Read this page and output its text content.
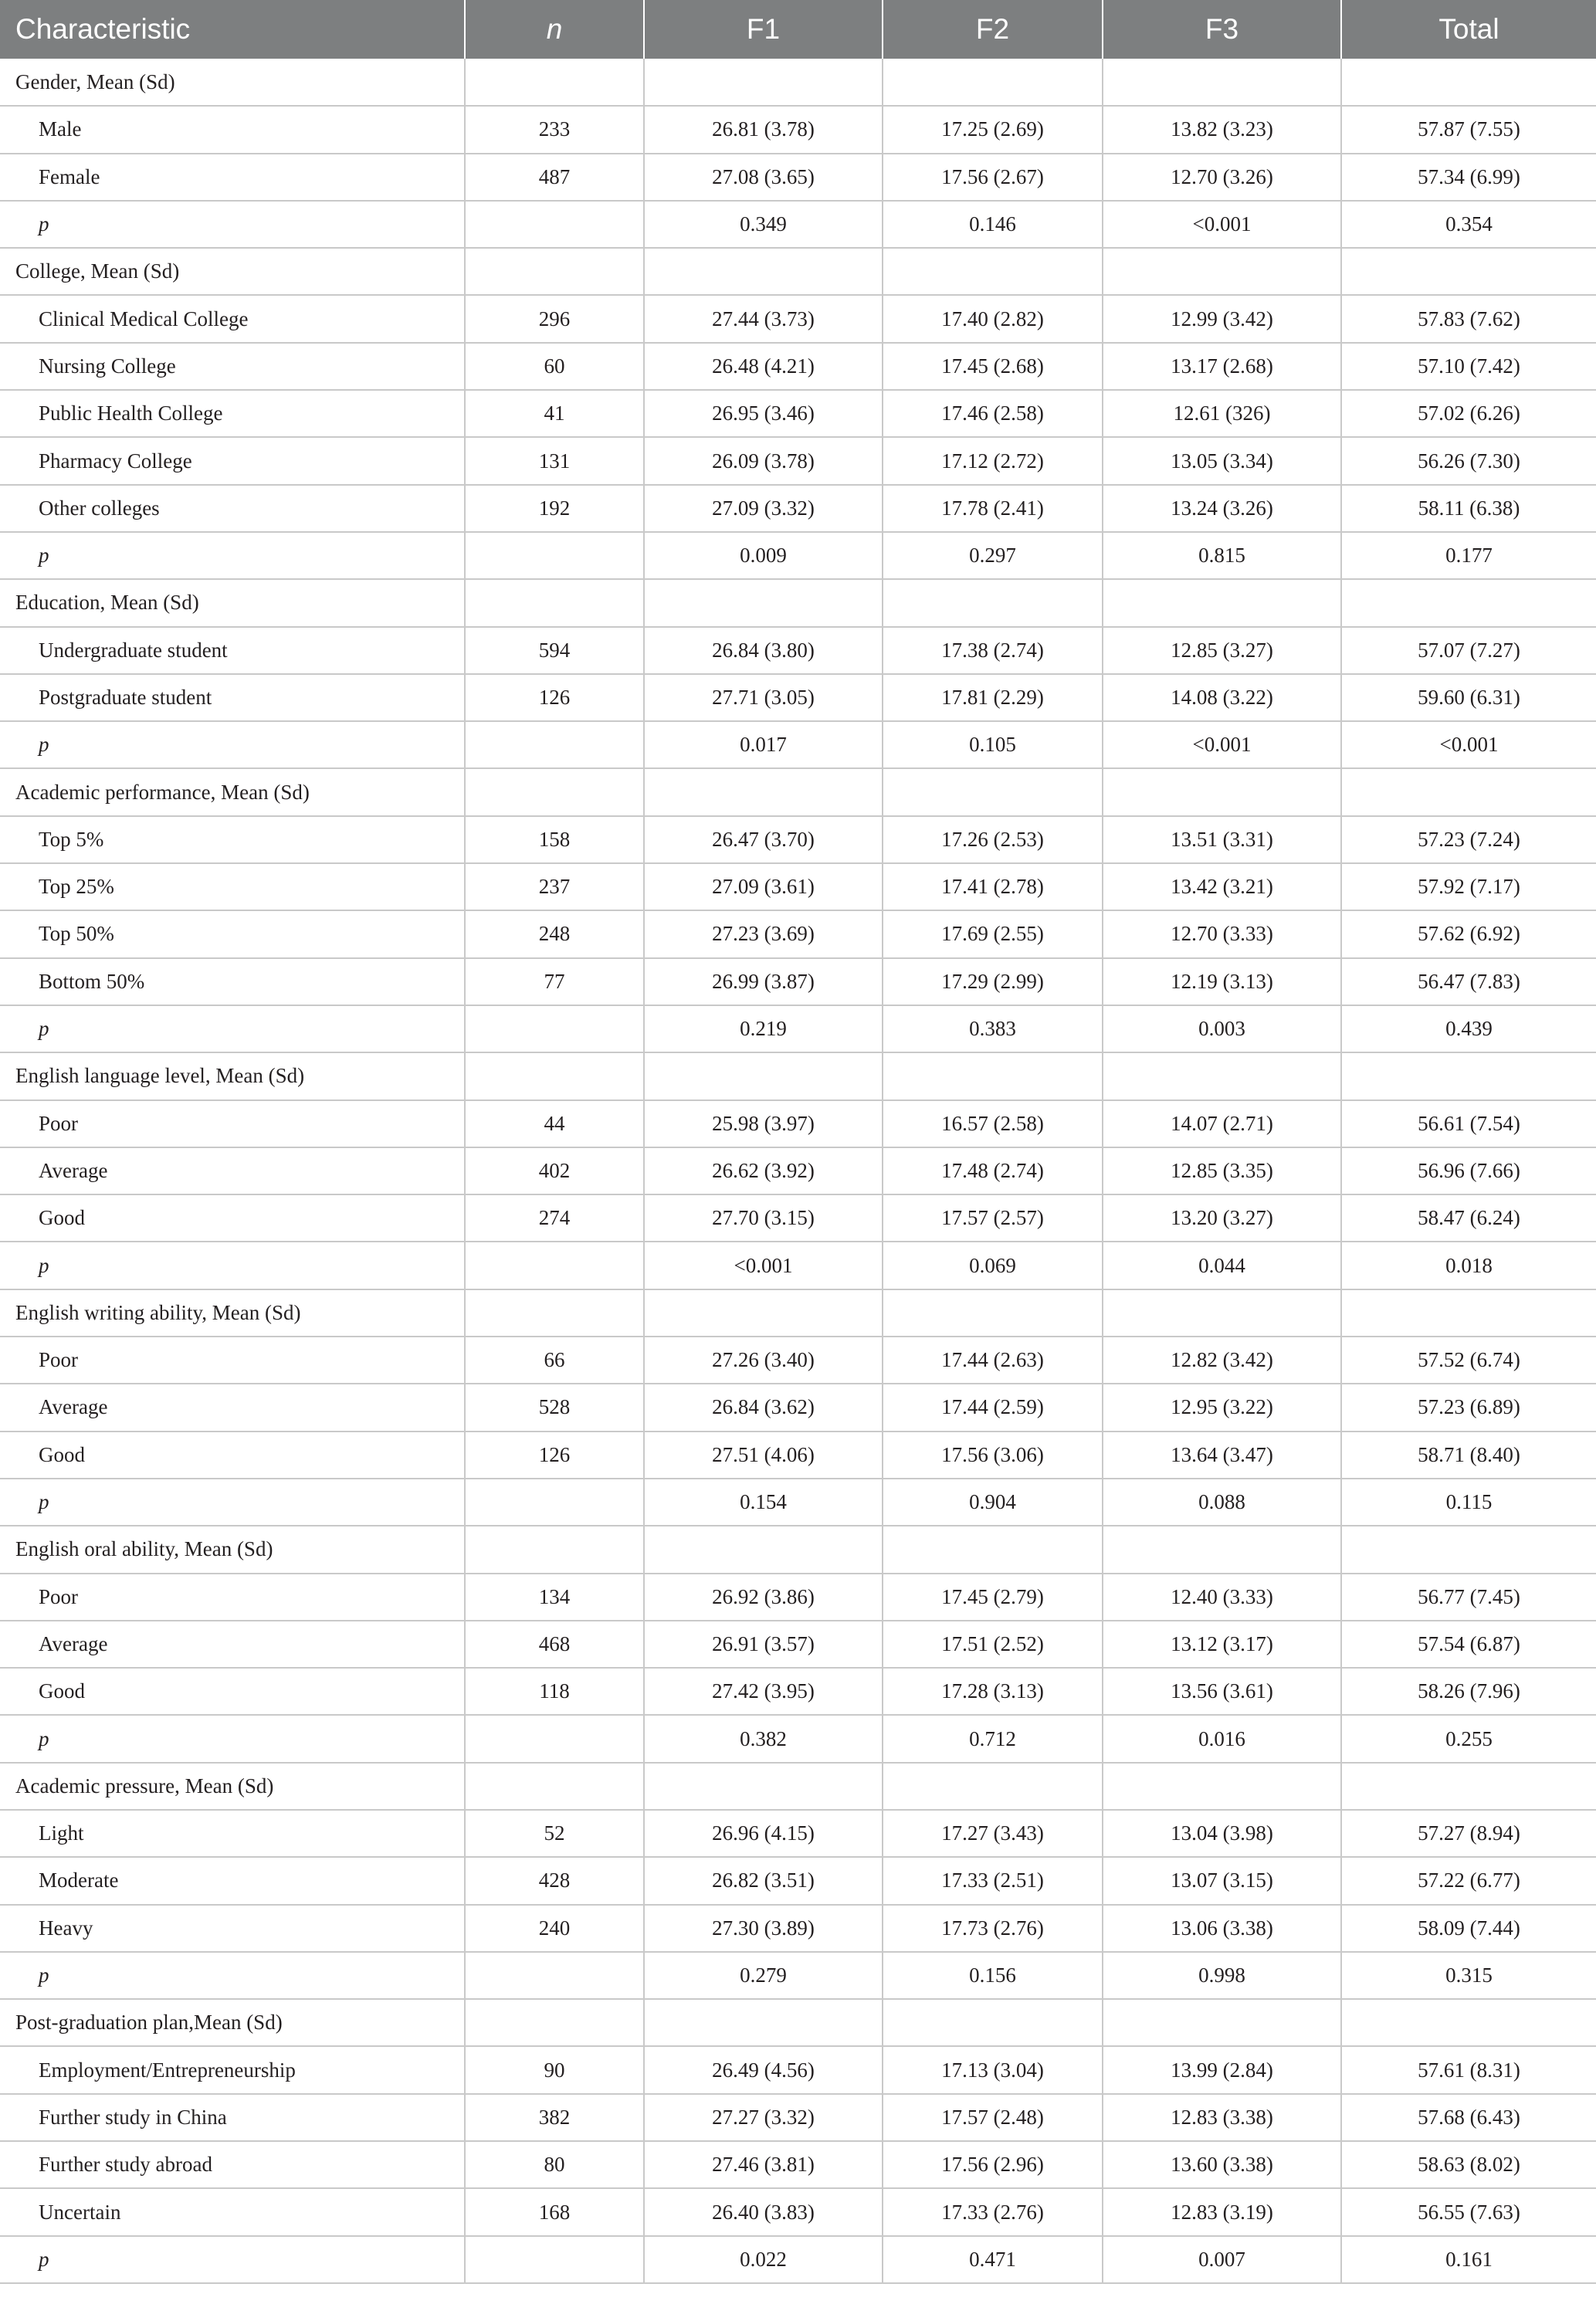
Characteristic	n	F1	F2	F3	Total
Gender, Mean (Sd)					
Male	233	26.81 (3.78)	17.25 (2.69)	13.82 (3.23)	57.87 (7.55)
Female	487	27.08 (3.65)	17.56 (2.67)	12.70 (3.26)	57.34 (6.99)
p		0.349	0.146	<0.001	0.354
College, Mean (Sd)					
Clinical Medical College	296	27.44 (3.73)	17.40 (2.82)	12.99 (3.42)	57.83 (7.62)
Nursing College	60	26.48 (4.21)	17.45 (2.68)	13.17 (2.68)	57.10 (7.42)
Public Health College	41	26.95 (3.46)	17.46 (2.58)	12.61 (326)	57.02 (6.26)
Pharmacy College	131	26.09 (3.78)	17.12 (2.72)	13.05 (3.34)	56.26 (7.30)
Other colleges	192	27.09 (3.32)	17.78 (2.41)	13.24 (3.26)	58.11 (6.38)
p		0.009	0.297	0.815	0.177
Education, Mean (Sd)					
Undergraduate student	594	26.84 (3.80)	17.38 (2.74)	12.85 (3.27)	57.07 (7.27)
Postgraduate student	126	27.71 (3.05)	17.81 (2.29)	14.08 (3.22)	59.60 (6.31)
p		0.017	0.105	<0.001	<0.001
Academic performance, Mean (Sd)					
Top 5%	158	26.47 (3.70)	17.26 (2.53)	13.51 (3.31)	57.23 (7.24)
Top 25%	237	27.09 (3.61)	17.41 (2.78)	13.42 (3.21)	57.92 (7.17)
Top 50%	248	27.23 (3.69)	17.69 (2.55)	12.70 (3.33)	57.62 (6.92)
Bottom 50%	77	26.99 (3.87)	17.29 (2.99)	12.19 (3.13)	56.47 (7.83)
p		0.219	0.383	0.003	0.439
English language level, Mean (Sd)					
Poor	44	25.98 (3.97)	16.57 (2.58)	14.07 (2.71)	56.61 (7.54)
Average	402	26.62 (3.92)	17.48 (2.74)	12.85 (3.35)	56.96 (7.66)
Good	274	27.70 (3.15)	17.57 (2.57)	13.20 (3.27)	58.47 (6.24)
p		<0.001	0.069	0.044	0.018
English writing ability, Mean (Sd)					
Poor	66	27.26 (3.40)	17.44 (2.63)	12.82 (3.42)	57.52 (6.74)
Average	528	26.84 (3.62)	17.44 (2.59)	12.95 (3.22)	57.23 (6.89)
Good	126	27.51 (4.06)	17.56 (3.06)	13.64 (3.47)	58.71 (8.40)
p		0.154	0.904	0.088	0.115
English oral ability, Mean (Sd)					
Poor	134	26.92 (3.86)	17.45 (2.79)	12.40 (3.33)	56.77 (7.45)
Average	468	26.91 (3.57)	17.51 (2.52)	13.12 (3.17)	57.54 (6.87)
Good	118	27.42 (3.95)	17.28 (3.13)	13.56 (3.61)	58.26 (7.96)
p		0.382	0.712	0.016	0.255
Academic pressure, Mean (Sd)					
Light	52	26.96 (4.15)	17.27 (3.43)	13.04 (3.98)	57.27 (8.94)
Moderate	428	26.82 (3.51)	17.33 (2.51)	13.07 (3.15)	57.22 (6.77)
Heavy	240	27.30 (3.89)	17.73 (2.76)	13.06 (3.38)	58.09 (7.44)
p		0.279	0.156	0.998	0.315
Post-graduation plan,Mean (Sd)					
Employment/Entrepreneurship	90	26.49 (4.56)	17.13 (3.04)	13.99 (2.84)	57.61 (8.31)
Further study in China	382	27.27 (3.32)	17.57 (2.48)	12.83 (3.38)	57.68 (6.43)
Further study abroad	80	27.46 (3.81)	17.56 (2.96)	13.60 (3.38)	58.63 (8.02)
Uncertain	168	26.40 (3.83)	17.33 (2.76)	12.83 (3.19)	56.55 (7.63)
p		0.022	0.471	0.007	0.161
